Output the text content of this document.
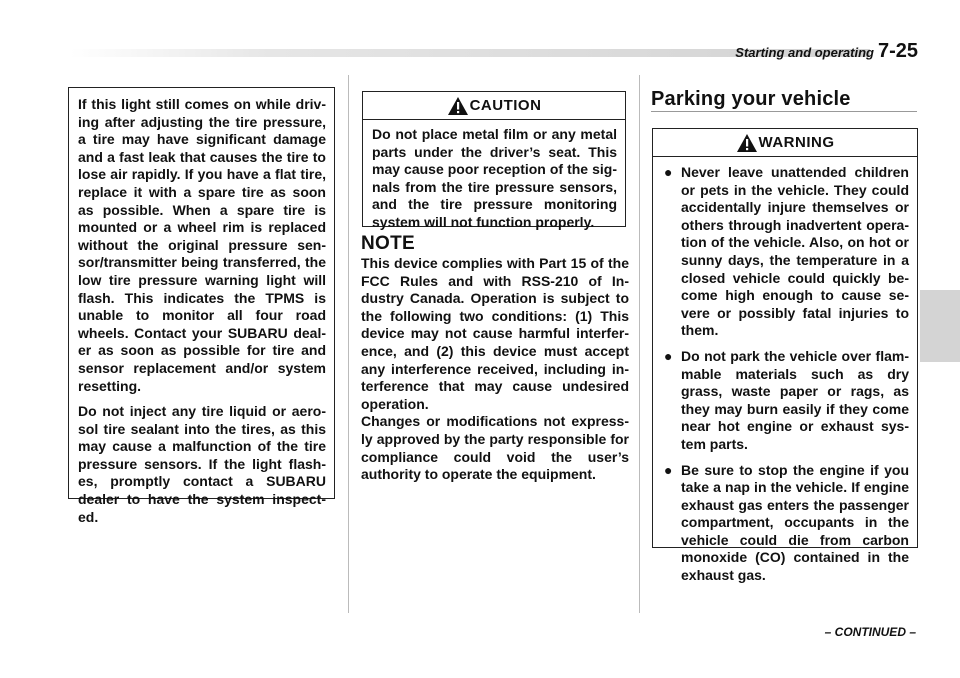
Starting and operating 7-25

If this light still comes on while driv-ing after adjusting the tire pressure, a tire may have significant damage and a fast leak that causes the tire to lose air rapidly. If you have a flat tire, replace it with a spare tire as soon as possible. When a spare tire is mounted or a wheel rim is replaced without the original pressure sen-sor/transmitter being transferred, the low tire pressure warning light will flash. This indicates the TPMS is unable to monitor all four road wheels. Contact your SUBARU deal-er as soon as possible for tire and sensor replacement and/or system resetting.

Do not inject any tire liquid or aero-sol tire sealant into the tires, as this may cause a malfunction of the tire pressure sensors. If the light flash-es, promptly contact a SUBARU dealer to have the system inspect-ed.

CAUTION

Do not place metal film or any metal parts under the driver’s seat. This may cause poor reception of the sig-nals from the tire pressure sensors, and the tire pressure monitoring system will not function properly.

NOTE

This device complies with Part 15 of the FCC Rules and with RSS-210 of In-dustry Canada. Operation is subject to the following two conditions: (1) This device may not cause harmful interfer-ence, and (2) this device must accept any interference received, including in-terference that may cause undesired operation.

Changes or modifications not express-ly approved by the party responsible for compliance could void the user’s authority to operate the equipment.

Parking your vehicle
WARNING
● Never leave unattended children or pets in the vehicle. They could accidentally injure themselves or others through inadvertent opera-tion of the vehicle. Also, on hot or sunny days, the temperature in a closed vehicle could quickly be-come high enough to cause se-vere or possibly fatal injuries to them.
● Do not park the vehicle over flam-mable materials such as dry grass, waste paper or rags, as they may burn easily if they come near hot engine or exhaust sys-tem parts.
● Be sure to stop the engine if you take a nap in the vehicle. If engine exhaust gas enters the passenger compartment, occupants in the vehicle could die from carbon monoxide (CO) contained in the exhaust gas.
– CONTINUED –
